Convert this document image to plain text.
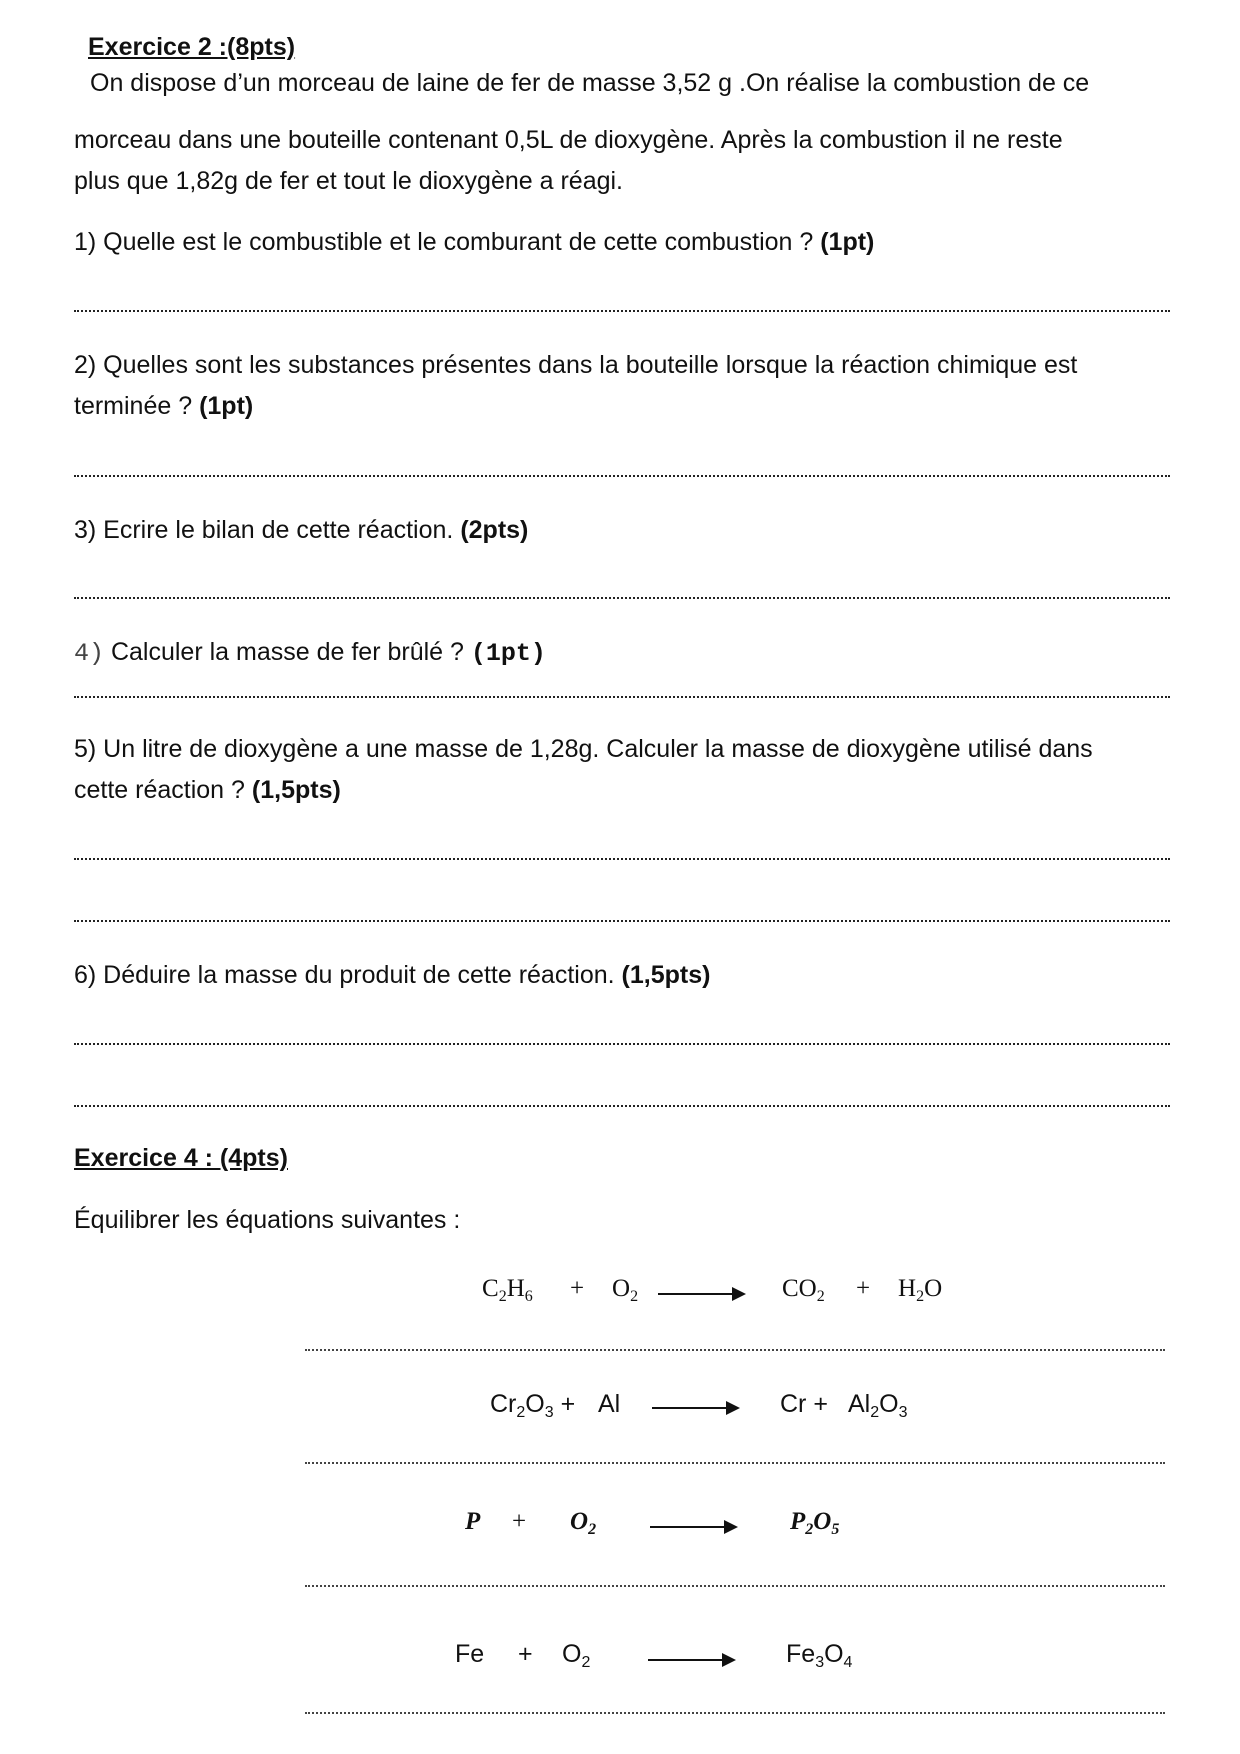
Exercice 2 :(8pts)
On dispose d’un morceau de laine de fer de masse 3,52 g .On réalise la combustion de ce
morceau dans une bouteille contenant 0,5L de dioxygène. Après la combustion il ne reste
plus que 1,82g de fer et tout le dioxygène a réagi.
1) Quelle est le combustible et le comburant de cette combustion ? (1pt)
2) Quelles sont les substances présentes dans la bouteille lorsque la réaction chimique est
terminée ? (1pt)
3) Ecrire le bilan de cette réaction. (2pts)
4) Calculer la masse de fer brûlé ? (1pt)
5) Un litre de dioxygène a une masse de 1,28g. Calculer la masse de dioxygène utilisé dans
cette réaction ? (1,5pts)
6) Déduire la masse du produit de cette réaction. (1,5pts)
Exercice 4 : (4pts)
Équilibrer les équations suivantes :
$C_2H_6 + O_2$	$CO_2 + H_2O$
$Cr_2O_3 + Al$	$Cr + Al_2O_3$
$P + O_2$	$P_2O_5$
$Fe + O_2$	$Fe_3O_4$
